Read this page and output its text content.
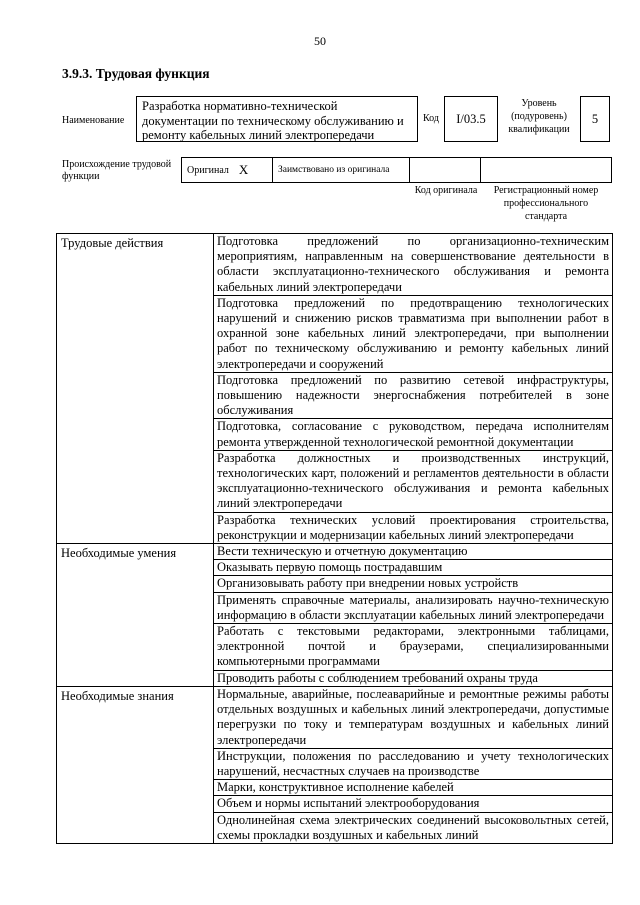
50
3.9.3. Трудовая функция
Наименование
Разработка нормативно-технической документации по техническому обслуживанию и ремонту кабельных линий электропередачи
Код	I/03.5
Уровень (подуровень) квалификации
5
Происхождение трудовой функции
Оригинал X	Заимствовано из оригинала
Код оригинала	Регистрационный номер профессионального стандарта
Трудовые действия	Подготовка предложений по организационно-техническим мероприятиям, направленным на совершенствование деятельности в области эксплуатационно-технического обслуживания и ремонта кабельных линий электропередачи
	Подготовка предложений по предотвращению технологических нарушений и снижению рисков травматизма при выполнении работ в охранной зоне кабельных линий электропередачи, при выполнении работ по техническому обслуживанию и ремонту кабельных линий электропередачи и сооружений
	Подготовка предложений по развитию сетевой инфраструктуры, повышению надежности энергоснабжения потребителей в зоне обслуживания
	Подготовка, согласование с руководством, передача исполнителям ремонта утвержденной технологической ремонтной документации
	Разработка должностных и производственных инструкций, технологических карт, положений и регламентов деятельности в области эксплуатационно-технического обслуживания и ремонта кабельных линий электропередачи
	Разработка технических условий проектирования строительства, реконструкции и модернизации кабельных линий электропередачи
Необходимые умения	Вести техническую и отчетную документацию
	Оказывать первую помощь пострадавшим
	Организовывать работу при внедрении новых устройств
	Применять справочные материалы, анализировать научно-техническую информацию в области эксплуатации кабельных линий электропередачи
	Работать с текстовыми редакторами, электронными таблицами, электронной почтой и браузерами, специализированными компьютерными программами
	Проводить работы с соблюдением требований охраны труда
Необходимые знания	Нормальные, аварийные, послеаварийные и ремонтные режимы работы отдельных воздушных и кабельных линий электропередачи, допустимые перегрузки по току и температурам воздушных и кабельных линий электропередачи
	Инструкции, положения по расследованию и учету технологических нарушений, несчастных случаев на производстве
	Марки, конструктивное исполнение кабелей
	Объем и нормы испытаний электрооборудования
	Однолинейная схема электрических соединений высоковольтных сетей, схемы прокладки воздушных и кабельных линий
